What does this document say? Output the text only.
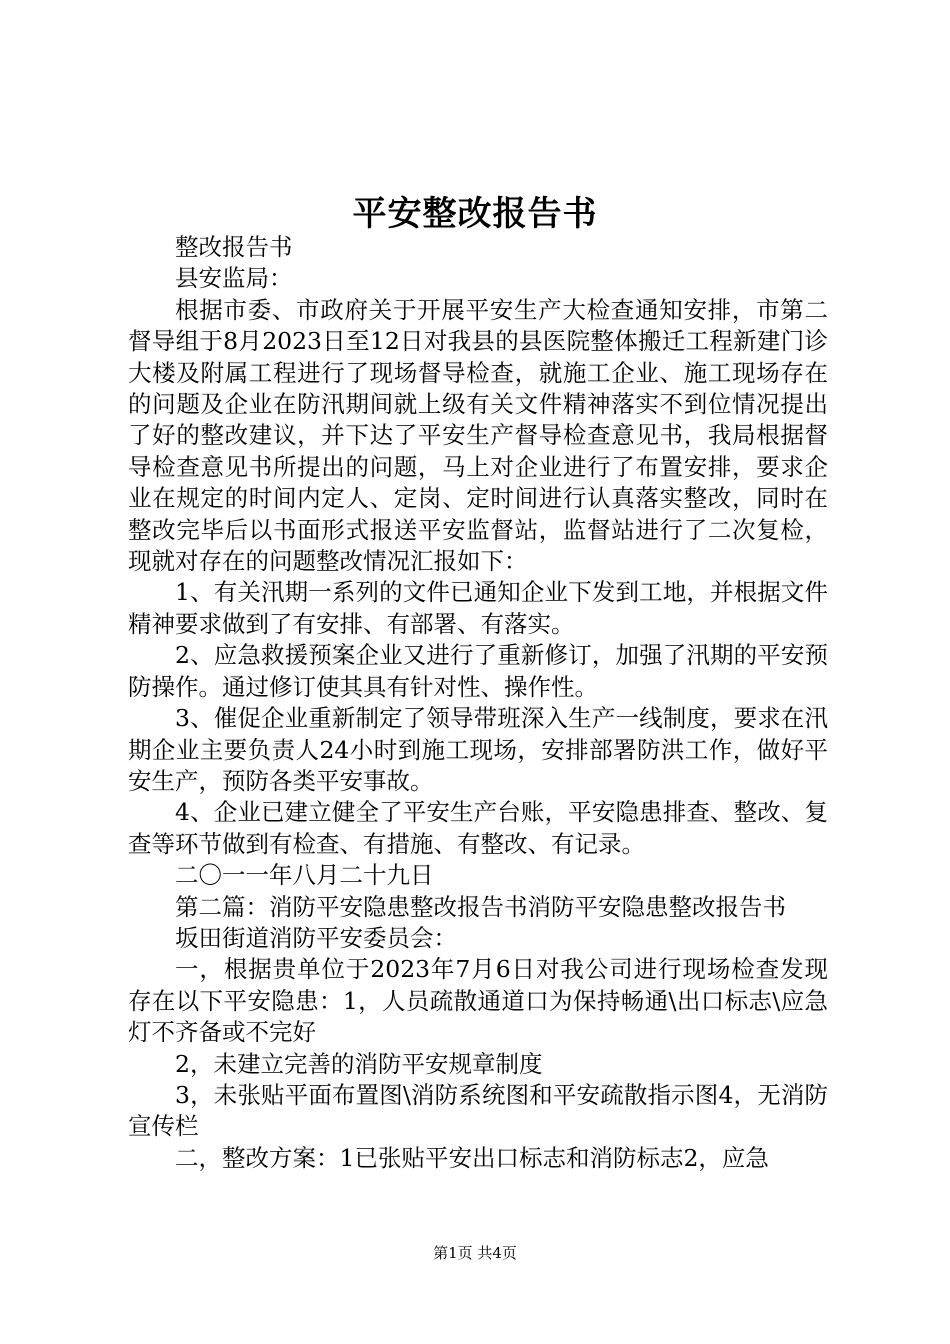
平安整改报告书

整改报告书

县安监局：

根据市委、市政府关于开展平安生产大检查通知安排，市第二督导组于8月2023日至12日对我县的县医院整体搬迁工程新建门诊大楼及附属工程进行了现场督导检查，就施工企业、施工现场存在的问题及企业在防汛期间就上级有关文件精神落实不到位情况提出了好的整改建议，并下达了平安生产督导检查意见书，我局根据督导检查意见书所提出的问题，马上对企业进行了布置安排，要求企业在规定的时间内定人、定岗、定时间进行认真落实整改，同时在整改完毕后以书面形式报送平安监督站，监督站进行了二次复检，现就对存在的问题整改情况汇报如下：

1、有关汛期一系列的文件已通知企业下发到工地，并根据文件精神要求做到了有安排、有部署、有落实。

2、应急救援预案企业又进行了重新修订，加强了汛期的平安预防操作。通过修订使其具有针对性、操作性。

3、催促企业重新制定了领导带班深入生产一线制度，要求在汛期企业主要负责人24小时到施工现场，安排部署防洪工作，做好平安生产，预防各类平安事故。

4、企业已建立健全了平安生产台账，平安隐患排查、整改、复查等环节做到有检查、有措施、有整改、有记录。

二〇一一年八月二十九日

第二篇：消防平安隐患整改报告书消防平安隐患整改报告书

坂田街道消防平安委员会：

一，根据贵单位于2023年7月6日对我公司进行现场检查发现存在以下平安隐患：1，人员疏散通道口为保持畅通\出口标志\应急灯不齐备或不完好

2，未建立完善的消防平安规章制度

3，未张贴平面布置图\消防系统图和平安疏散指示图4，无消防宣传栏

二，整改方案：1已张贴平安出口标志和消防标志2，应急

第1页 共4页
